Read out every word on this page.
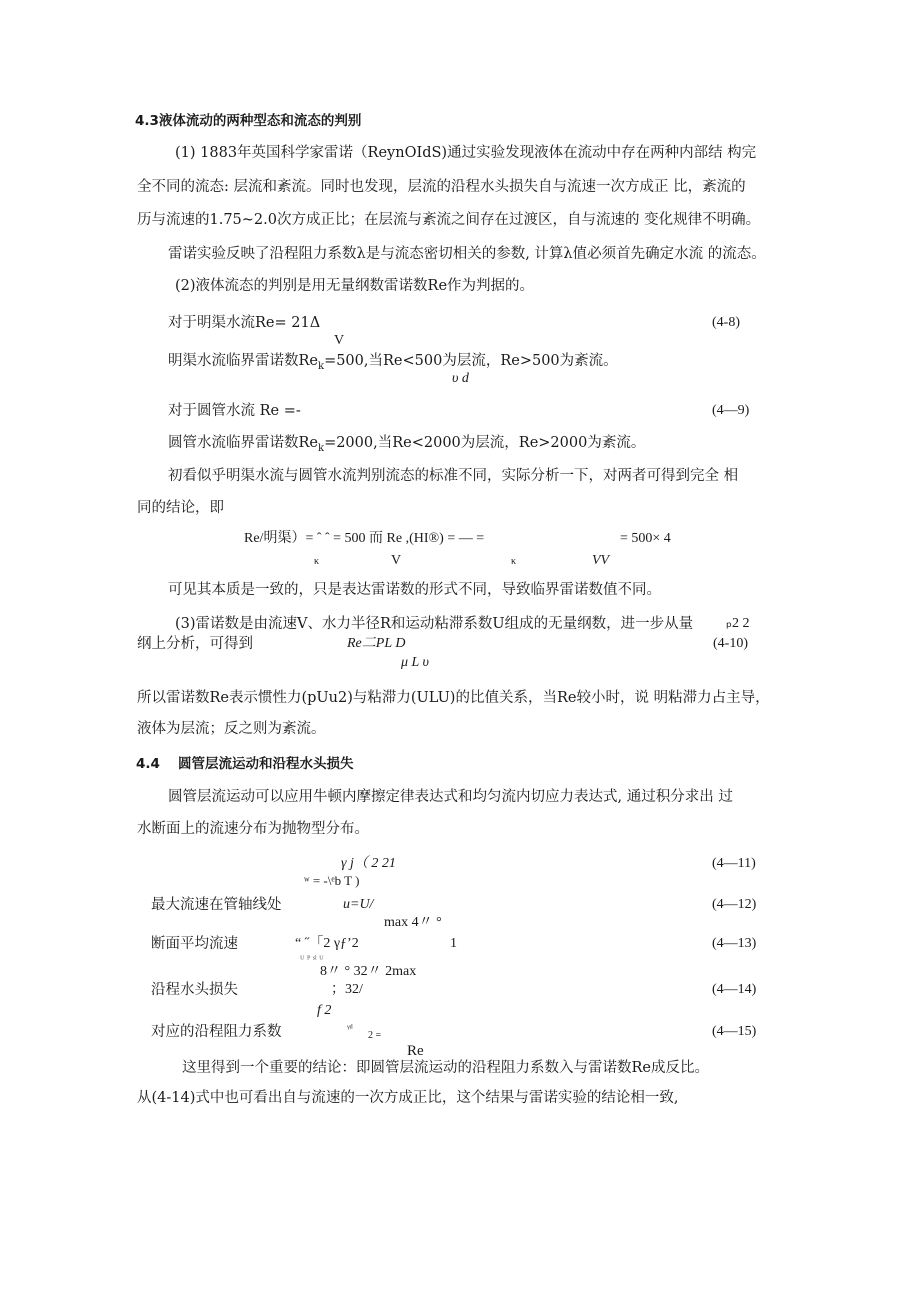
4.3液体流动的两种型态和流态的判别
(1) 1883年英国科学家雷诺（ReynOIdS)通过实验发现液体在流动中存在两种内部结 构完
全不同的流态: 层流和紊流。同时也发现，层流的沿程水头损失自与流速一次方成正 比，紊流的
历与流速的1.75~2.0次方成正比；在层流与紊流之间存在过渡区，自与流速的 变化规律不明确。
雷诺实验反映了沿程阻力系数λ是与流态密切相关的参数, 计算λ值必须首先确定水流 的流态。
(2)液体流态的判别是用无量纲数雷诺数Re作为判据的。
对于明渠水流Re= 21Δ	(4-8)
V
明渠水流临界雷诺数$Re_k=500$,当Re<500为层流，Re>500为紊流。
υ d
对于圆管水流 Re =-	(4—9)
圆管水流临界雷诺数$Re_k=2000$,当Re<2000为层流，Re>2000为紊流。
初看似乎明渠水流与圆管水流判别流态的标准不同，实际分析一下，对两者可得到完全 相
同的结论，即
Re/明渠）= ˆ ˆ = 500 而 Re ,(HI®) = — =	= 500× 4
κ	V	κ	VV
可见其本质是一致的，只是表达雷诺数的形式不同，导致临界雷诺数值不同。
(3)雷诺数是由流速V、水力半径R和运动粘滞系数U组成的无量纲数，进一步从量 ₚ2 2
纲上分析，可得到	Re二PL D	(4-10)
μ L υ
所以雷诺数Re表示惯性力(pUu2)与粘滞力(ULU)的比值关系，当Re较小时，说 明粘滞力占主导，
液体为层流；反之则为紊流。
4.4 圆管层流运动和沿程水头损失
圆管层流运动可以应用牛顿内摩擦定律表达式和均匀流内切应力表达式, 通过积分求出 过
水断面上的流速分布为抛物型分布。
γ j（ 2 21	(4—11)
ʷ = -\ᵉb T )
最大流速在管轴线处	u=U/	(4—12)
max 4〃 °
断面平均流速	“ ˝「2 γƒ’2	1	(4—13)
ᵁ ᴾ ˢˡ ᵁ
8〃 ° 32〃 2max
沿程水头损失	；32/	(4—14)
f 2
对应的沿程阻力系数	ᵞᵈ
2 =	(4—15)
Re
这里得到一个重要的结论：即圆管层流运动的沿程阻力系数入与雷诺数Re成反比。
从(4-14)式中也可看出自与流速的一次方成正比，这个结果与雷诺实验的结论相一致,
